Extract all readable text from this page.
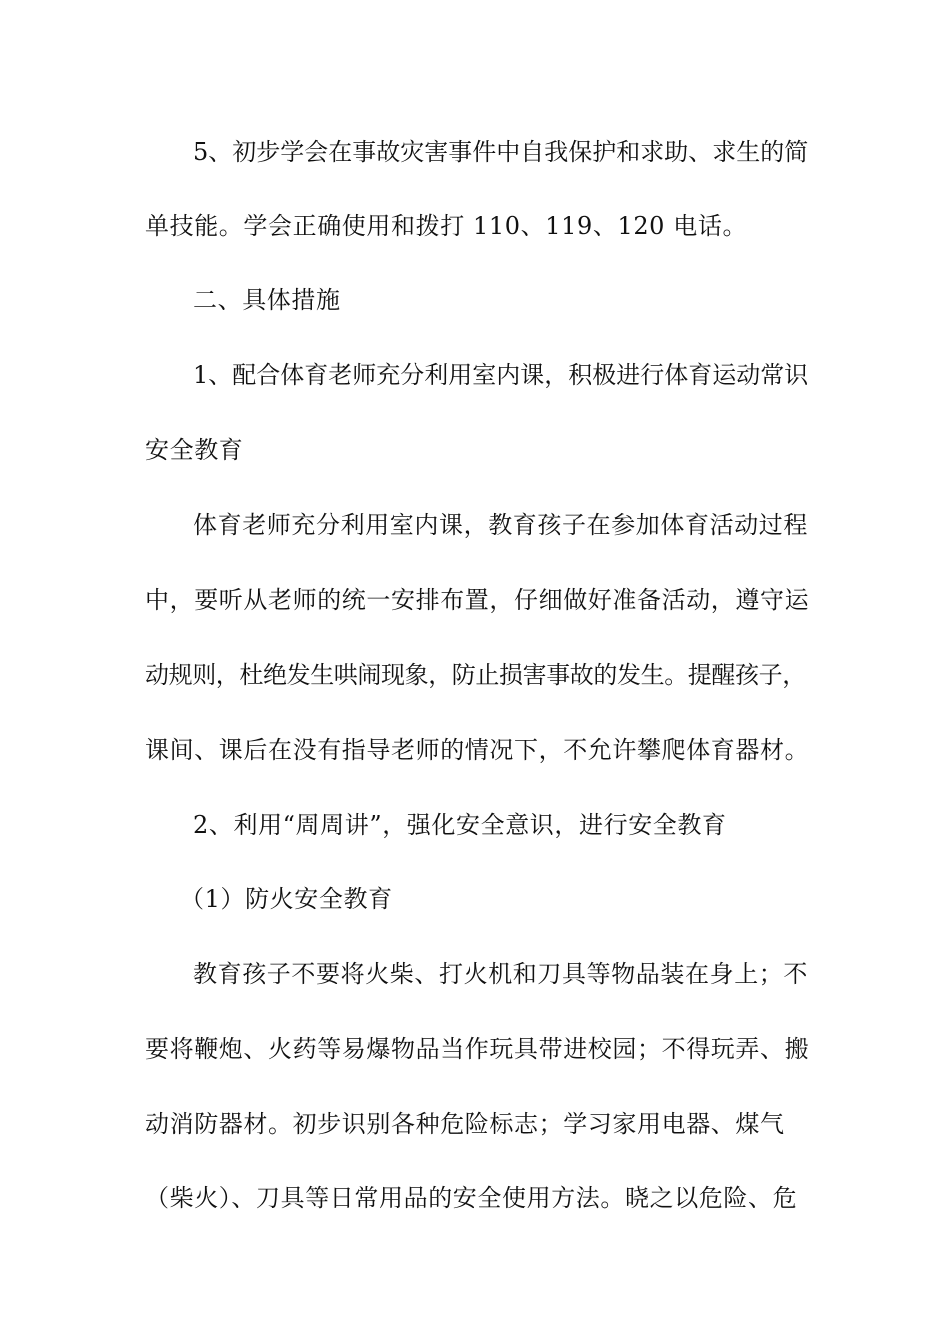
5、初步学会在事故灾害事件中自我保护和求助、求生的简
单技能。学会正确使用和拨打 110、119、120 电话。
二、具体措施
1、配合体育老师充分利用室内课，积极进行体育运动常识
安全教育
体育老师充分利用室内课，教育孩子在参加体育活动过程
中，要听从老师的统一安排布置，仔细做好准备活动，遵守运
动规则，杜绝发生哄闹现象，防止损害事故的发生。提醒孩子，
课间、课后在没有指导老师的情况下，不允许攀爬体育器材。
2、利用“周周讲”，强化安全意识，进行安全教育
（1）防火安全教育
教育孩子不要将火柴、打火机和刀具等物品装在身上；不
要将鞭炮、火药等易爆物品当作玩具带进校园；不得玩弄、搬
动消防器材。初步识别各种危险标志；学习家用电器、煤气
（柴火）、刀具等日常用品的安全使用方法。晓之以危险、危
